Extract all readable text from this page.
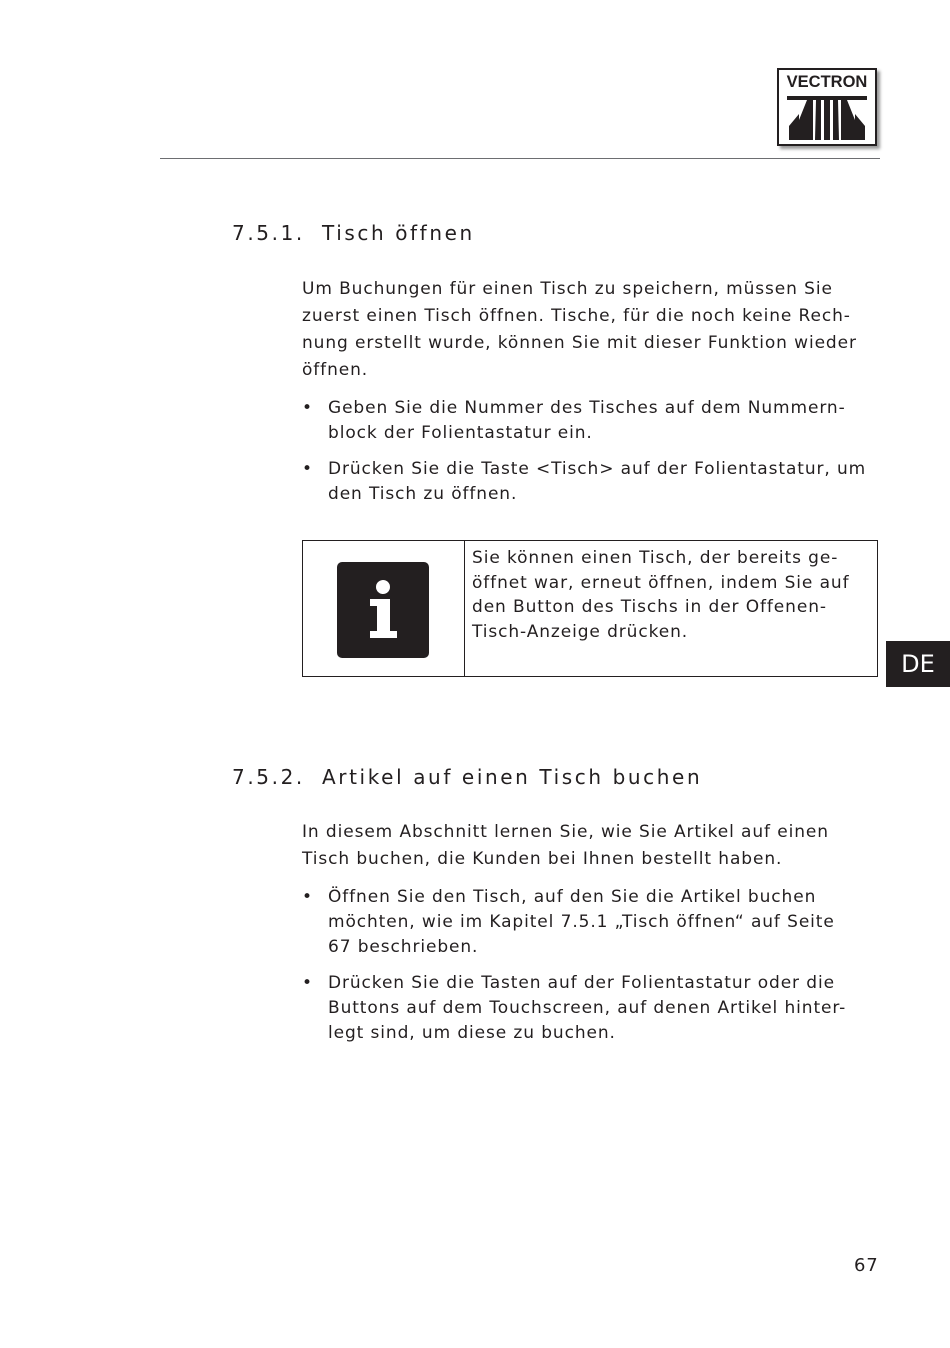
VECTRON
7.5.1. Tisch öffnen

Um Buchungen für einen Tisch zu speichern, müssen Sie
zuerst einen Tisch öffnen. Tische, für die noch keine Rech-
nung erstellt wurde, können Sie mit dieser Funktion wieder
öffnen.

• Geben Sie die Nummer des Tisches auf dem Nummern-
block der Folientastatur ein.
• Drücken Sie die Taste <Tisch> auf der Folientastatur, um
den Tisch zu öffnen.
Sie können einen Tisch, der bereits ge-
öffnet war, erneut öffnen, indem Sie auf
den Button des Tischs in der Offenen-
Tisch-Anzeige drücken.
DE
7.5.2. Artikel auf einen Tisch buchen

In diesem Abschnitt lernen Sie, wie Sie Artikel auf einen
Tisch buchen, die Kunden bei Ihnen bestellt haben.

• Öffnen Sie den Tisch, auf den Sie die Artikel buchen
möchten, wie im Kapitel 7.5.1 „Tisch öffnen“ auf Seite
67 beschrieben.
• Drücken Sie die Tasten auf der Folientastatur oder die
Buttons auf dem Touchscreen, auf denen Artikel hinter-
legt sind, um diese zu buchen.
67
